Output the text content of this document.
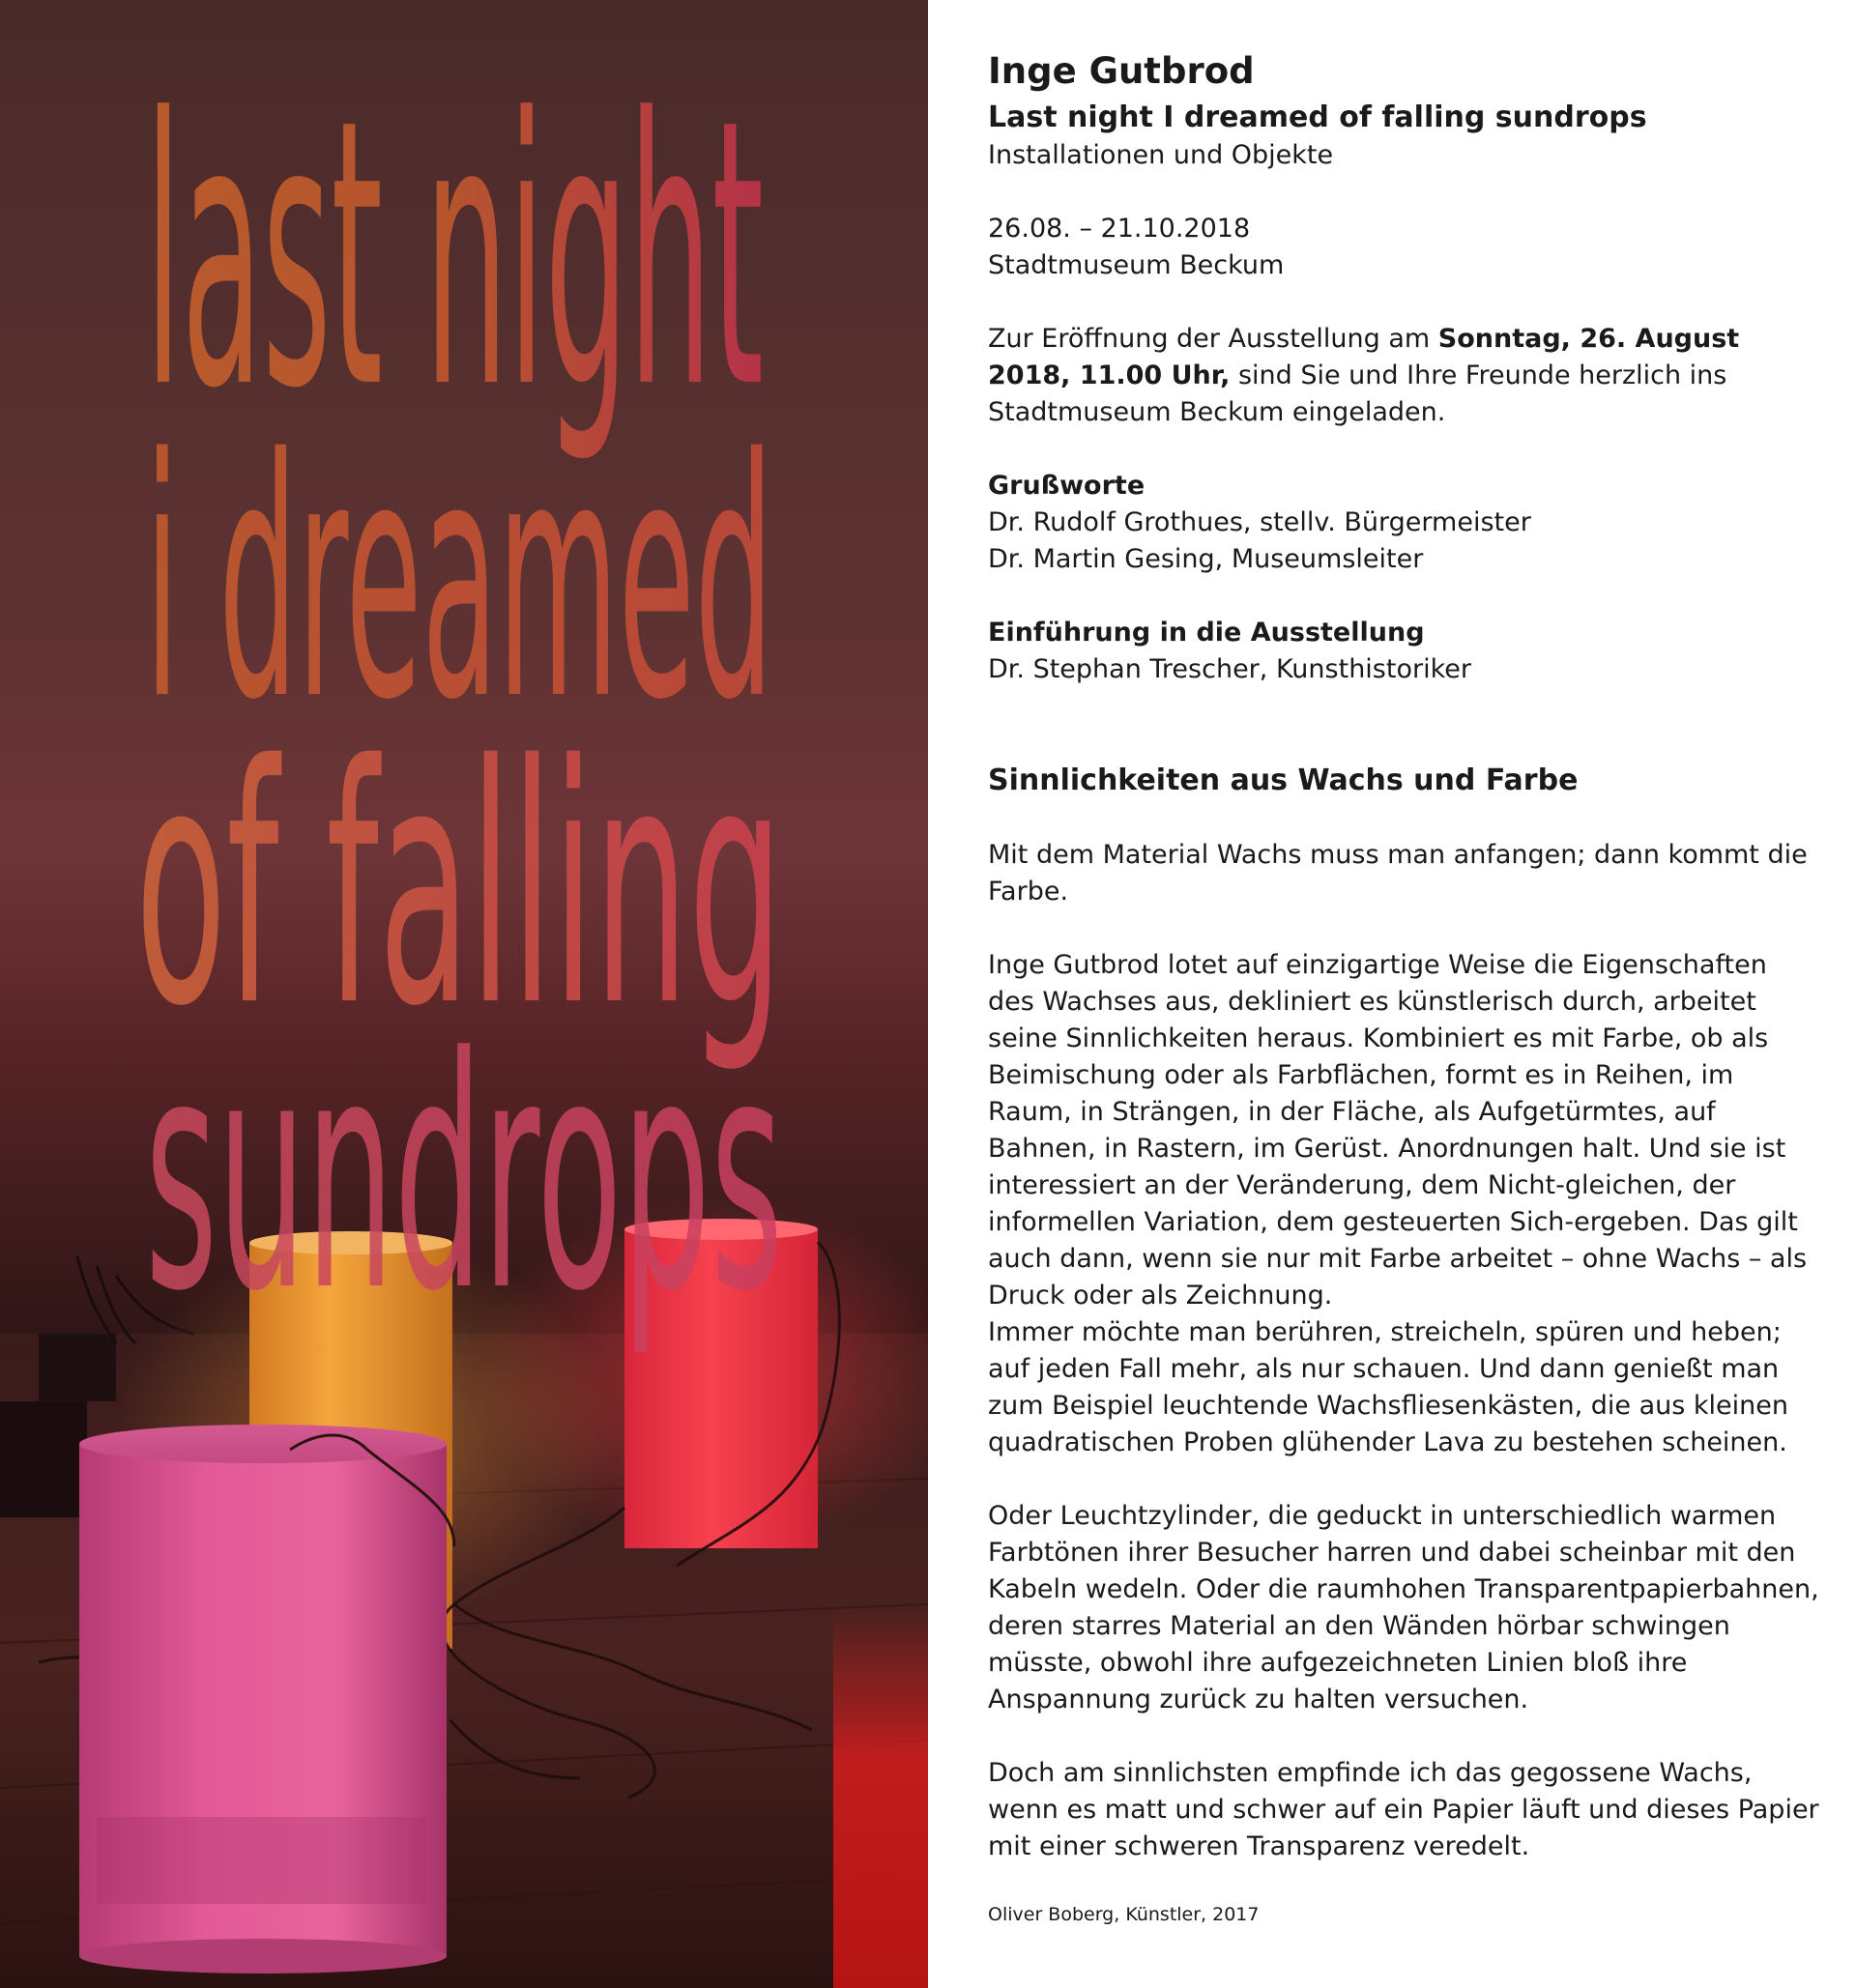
last night
i dreamed
of falling
sundrops

Inge Gutbrod

Last night I dreamed of falling sundrops

Installationen und Objekte

26.08. – 21.10.2018

Stadtmuseum Beckum

Zur Eröffnung der Ausstellung am Sonntag, 26. August 2018, 11.00 Uhr, sind Sie und Ihre Freunde herzlich ins Stadtmuseum Beckum eingeladen.

Grußworte

Dr. Rudolf Grothues, stellv. Bürgermeister

Dr. Martin Gesing, Museumsleiter

Einführung in die Ausstellung

Dr. Stephan Trescher, Kunsthistoriker

Sinnlichkeiten aus Wachs und Farbe

Mit dem Material Wachs muss man anfangen; dann kommt die Farbe.

Inge Gutbrod lotet auf einzigartige Weise die Eigenschaften des Wachses aus, dekliniert es künstlerisch durch, arbeitet seine Sinnlichkeiten heraus. Kombiniert es mit Farbe, ob als Beimischung oder als Farbflächen, formt es in Reihen, im Raum, in Strängen, in der Fläche, als Aufgetürmtes, auf Bahnen, in Rastern, im Gerüst. Anordnungen halt. Und sie ist interessiert an der Veränderung, dem Nicht-gleichen, der informellen Variation, dem gesteuerten Sich-ergeben. Das gilt auch dann, wenn sie nur mit Farbe arbeitet – ohne Wachs – als Druck oder als Zeichnung.

Immer möchte man berühren, streicheln, spüren und heben; auf jeden Fall mehr, als nur schauen. Und dann genießt man zum Beispiel leuchtende Wachsfliesenkästen, die aus kleinen quadratischen Proben glühender Lava zu bestehen scheinen.

Oder Leuchtzylinder, die geduckt in unterschiedlich warmen Farbtönen ihrer Besucher harren und dabei scheinbar mit den Kabeln wedeln. Oder die raumhohen Transparentpapierbahnen, deren starres Material an den Wänden hörbar schwingen müsste, obwohl ihre aufgezeichneten Linien bloß ihre Anspannung zurück zu halten versuchen.

Doch am sinnlichsten empfinde ich das gegossene Wachs, wenn es matt und schwer auf ein Papier läuft und dieses Papier mit einer schweren Transparenz veredelt.

Oliver Boberg, Künstler, 2017
